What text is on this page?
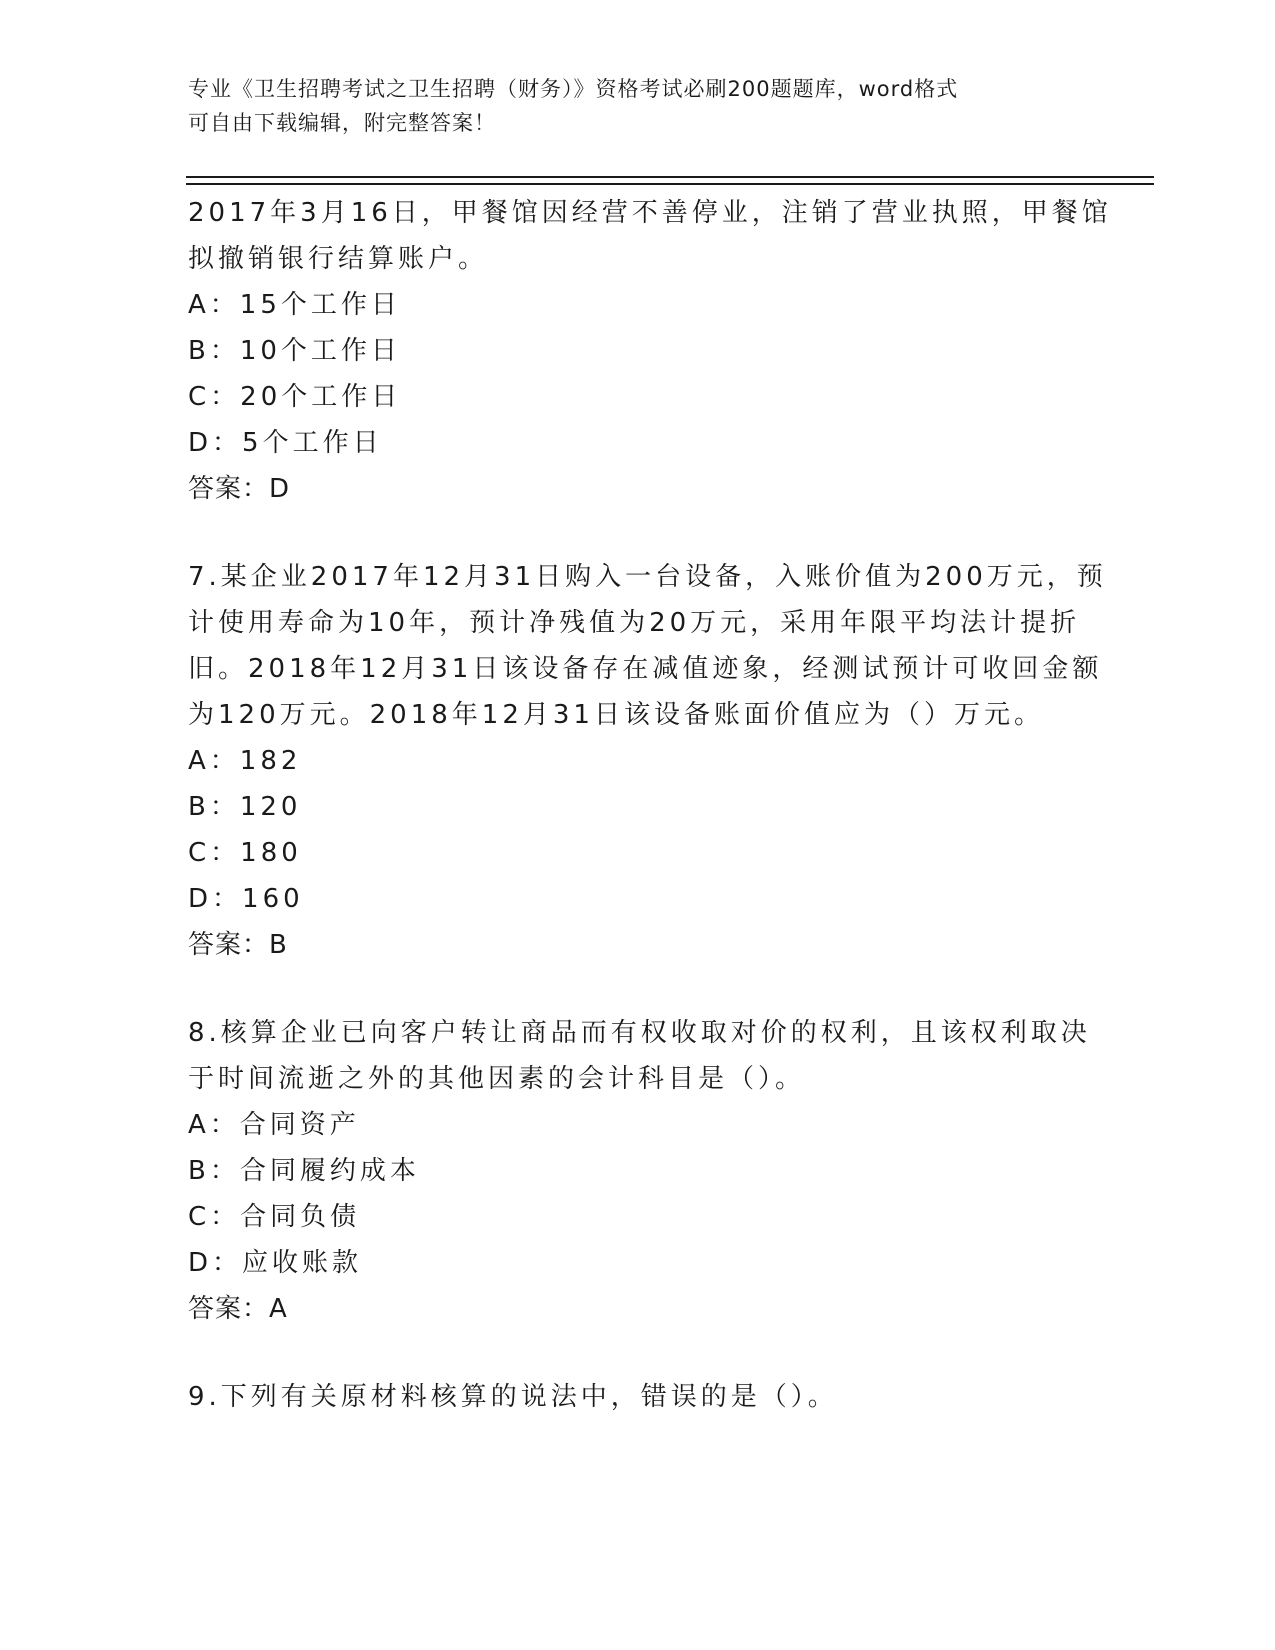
专业《卫生招聘考试之卫生招聘（财务）》资格考试必刷200题题库，word格式
可自由下载编辑，附完整答案！
2017年3月16日，甲餐馆因经营不善停业，注销了营业执照，甲餐馆
拟撤销银行结算账户。
A：15个工作日
B：10个工作日
C：20个工作日
D：5个工作日
答案：D
7.某企业2017年12月31日购入一台设备，入账价值为200万元，预
计使用寿命为10年，预计净残值为20万元，采用年限平均法计提折
旧。2018年12月31日该设备存在减值迹象，经测试预计可收回金额
为120万元。2018年12月31日该设备账面价值应为（）万元。
A：182
B：120
C：180
D：160
答案：B
8.核算企业已向客户转让商品而有权收取对价的权利，且该权利取决
于时间流逝之外的其他因素的会计科目是（）。
A：合同资产
B：合同履约成本
C：合同负债
D：应收账款
答案：A
9.下列有关原材料核算的说法中，错误的是（）。
